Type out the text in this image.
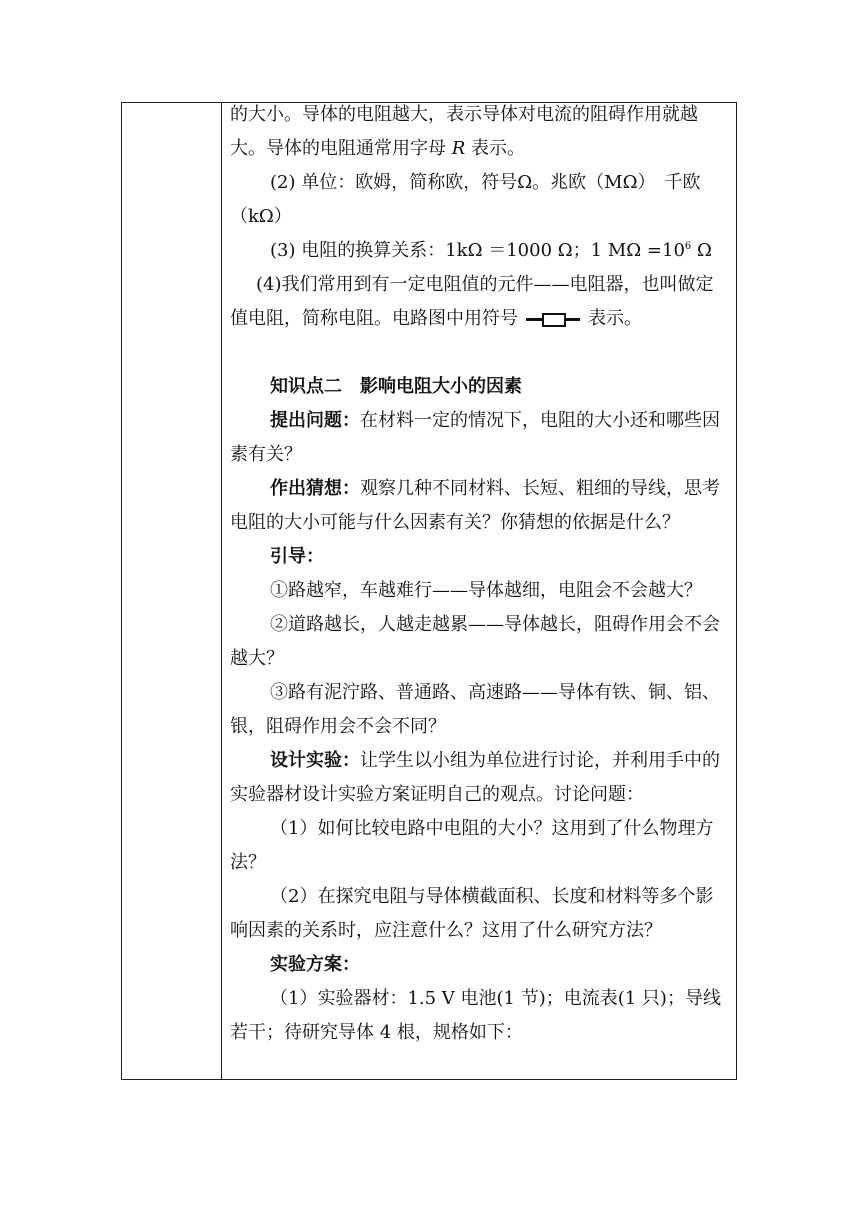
的大小。导体的电阻越大，表示导体对电流的阻碍作用就越大。导体的电阻通常用字母 R 表示。

(2) 单位：欧姆，简称欧，符号Ω。兆欧（MΩ）　千欧（kΩ）

(3) 电阻的换算关系：1kΩ ＝1000 Ω；1 $M\Omega =10^6$ Ω

(4)我们常用到有一定电阻值的元件——电阻器，也叫做定值电阻，简称电阻。电路图中用符号	表示。

知识点二　影响电阻大小的因素

提出问题：在材料一定的情况下，电阻的大小还和哪些因素有关？

作出猜想：观察几种不同材料、长短、粗细的导线，思考电阻的大小可能与什么因素有关？你猜想的依据是什么？

引导：

①路越窄，车越难行——导体越细，电阻会不会越大？

②道路越长，人越走越累——导体越长，阻碍作用会不会越大？

③路有泥泞路、普通路、高速路——导体有铁、铜、铝、银，阻碍作用会不会不同？

设计实验：让学生以小组为单位进行讨论，并利用手中的实验器材设计实验方案证明自己的观点。讨论问题：

（1）如何比较电路中电阻的大小？这用到了什么物理方法？

（2）在探究电阻与导体横截面积、长度和材料等多个影响因素的关系时，应注意什么？这用了什么研究方法？

实验方案：

（1）实验器材：1.5 V 电池(1 节)；电流表(1 只)；导线若干；待研究导体 4 根，规格如下：
